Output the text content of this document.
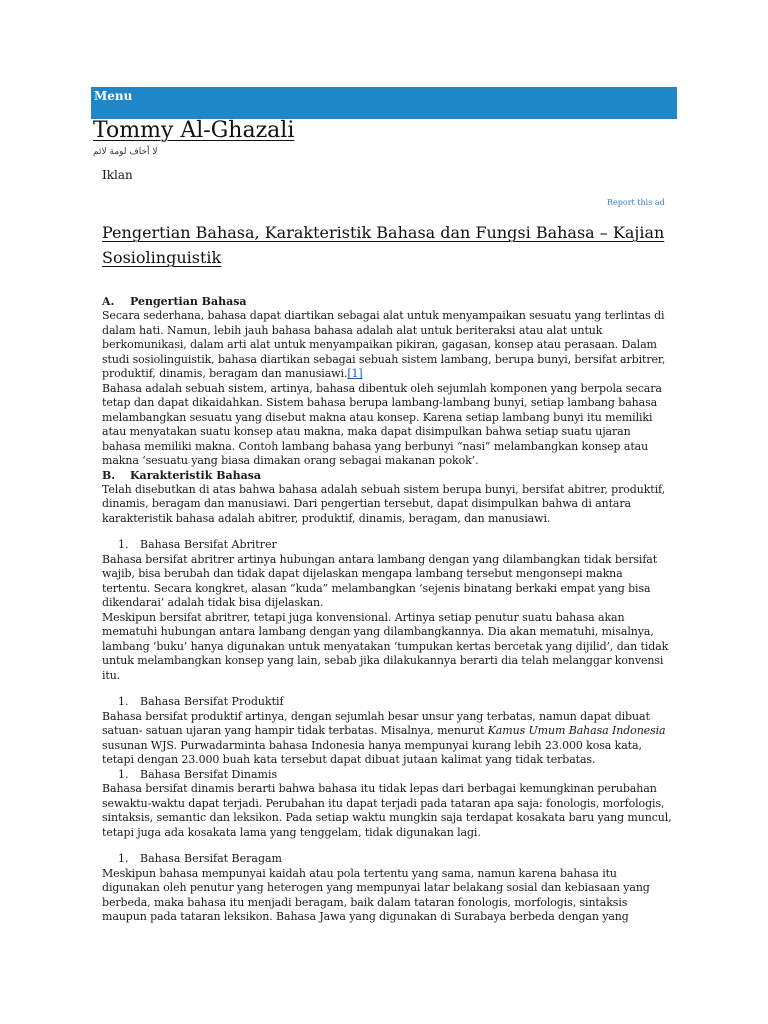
Menu
Tommy Al-Ghazali
لا أخاف لومة لائم
Iklan
Report this ad
Pengertian Bahasa, Karakteristik Bahasa dan Fungsi Bahasa – Kajian Sosiolinguistik
A. Pengertian Bahasa

Secara sederhana, bahasa dapat diartikan sebagai alat untuk menyampaikan sesuatu yang terlintas di dalam hati. Namun, lebih jauh bahasa bahasa adalah alat untuk beriteraksi atau alat untuk berkomunikasi, dalam arti alat untuk menyampaikan pikiran, gagasan, konsep atau perasaan. Dalam studi sosiolinguistik, bahasa diartikan sebagai sebuah sistem lambang, berupa bunyi, bersifat arbitrer, produktif, dinamis, beragam dan manusiawi.[1]

Bahasa adalah sebuah sistem, artinya, bahasa dibentuk oleh sejumlah komponen yang berpola secara tetap dan dapat dikaidahkan. Sistem bahasa berupa lambang-lambang bunyi, setiap lambang bahasa melambangkan sesuatu yang disebut makna atau konsep. Karena setiap lambang bunyi itu memiliki atau menyatakan suatu konsep atau makna, maka dapat disimpulkan bahwa setiap suatu ujaran bahasa memiliki makna. Contoh lambang bahasa yang berbunyi “nasi” melambangkan konsep atau makna ‘sesuatu yang biasa dimakan orang sebagai makanan pokok’.

B. Karakteristik Bahasa

Telah disebutkan di atas bahwa bahasa adalah sebuah sistem berupa bunyi, bersifat abitrer, produktif, dinamis, beragam dan manusiawi. Dari pengertian tersebut, dapat disimpulkan bahwa di antara karakteristik bahasa adalah abitrer, produktif, dinamis, beragam, dan manusiawi.

1. Bahasa Bersifat Abritrer

Bahasa bersifat abritrer artinya hubungan antara lambang dengan yang dilambangkan tidak bersifat wajib, bisa berubah dan tidak dapat dijelaskan mengapa lambang tersebut mengonsepi makna tertentu. Secara kongkret, alasan “kuda” melambangkan ‘sejenis binatang berkaki empat yang bisa dikendarai’ adalah tidak bisa dijelaskan.

Meskipun bersifat abritrer, tetapi juga konvensional. Artinya setiap penutur suatu bahasa akan mematuhi hubungan antara lambang dengan yang dilambangkannya. Dia akan mematuhi, misalnya, lambang ‘buku’ hanya digunakan untuk menyatakan ‘tumpukan kertas bercetak yang dijilid’, dan tidak untuk melambangkan konsep yang lain, sebab jika dilakukannya berarti dia telah melanggar konvensi itu.

1. Bahasa Bersifat Produktif

Bahasa bersifat produktif artinya, dengan sejumlah besar unsur yang terbatas, namun dapat dibuat satuan- satuan ujaran yang hampir tidak terbatas. Misalnya, menurut Kamus Umum Bahasa Indonesia susunan WJS. Purwadarminta bahasa Indonesia hanya mempunyai kurang lebih 23.000 kosa kata, tetapi dengan 23.000 buah kata tersebut dapat dibuat jutaan kalimat yang tidak terbatas.

1. Bahasa Bersifat Dinamis

Bahasa bersifat dinamis berarti bahwa bahasa itu tidak lepas dari berbagai kemungkinan perubahan sewaktu-waktu dapat terjadi. Perubahan itu dapat terjadi pada tataran apa saja: fonologis, morfologis, sintaksis, semantic dan leksikon. Pada setiap waktu mungkin saja terdapat kosakata baru yang muncul, tetapi juga ada kosakata lama yang tenggelam, tidak digunakan lagi.

1. Bahasa Bersifat Beragam

Meskipun bahasa mempunyai kaidah atau pola tertentu yang sama, namun karena bahasa itu digunakan oleh penutur yang heterogen yang mempunyai latar belakang sosial dan kebiasaan yang berbeda, maka bahasa itu menjadi beragam, baik dalam tataran fonologis, morfologis, sintaksis maupun pada tataran leksikon. Bahasa Jawa yang digunakan di Surabaya berbeda dengan yang
